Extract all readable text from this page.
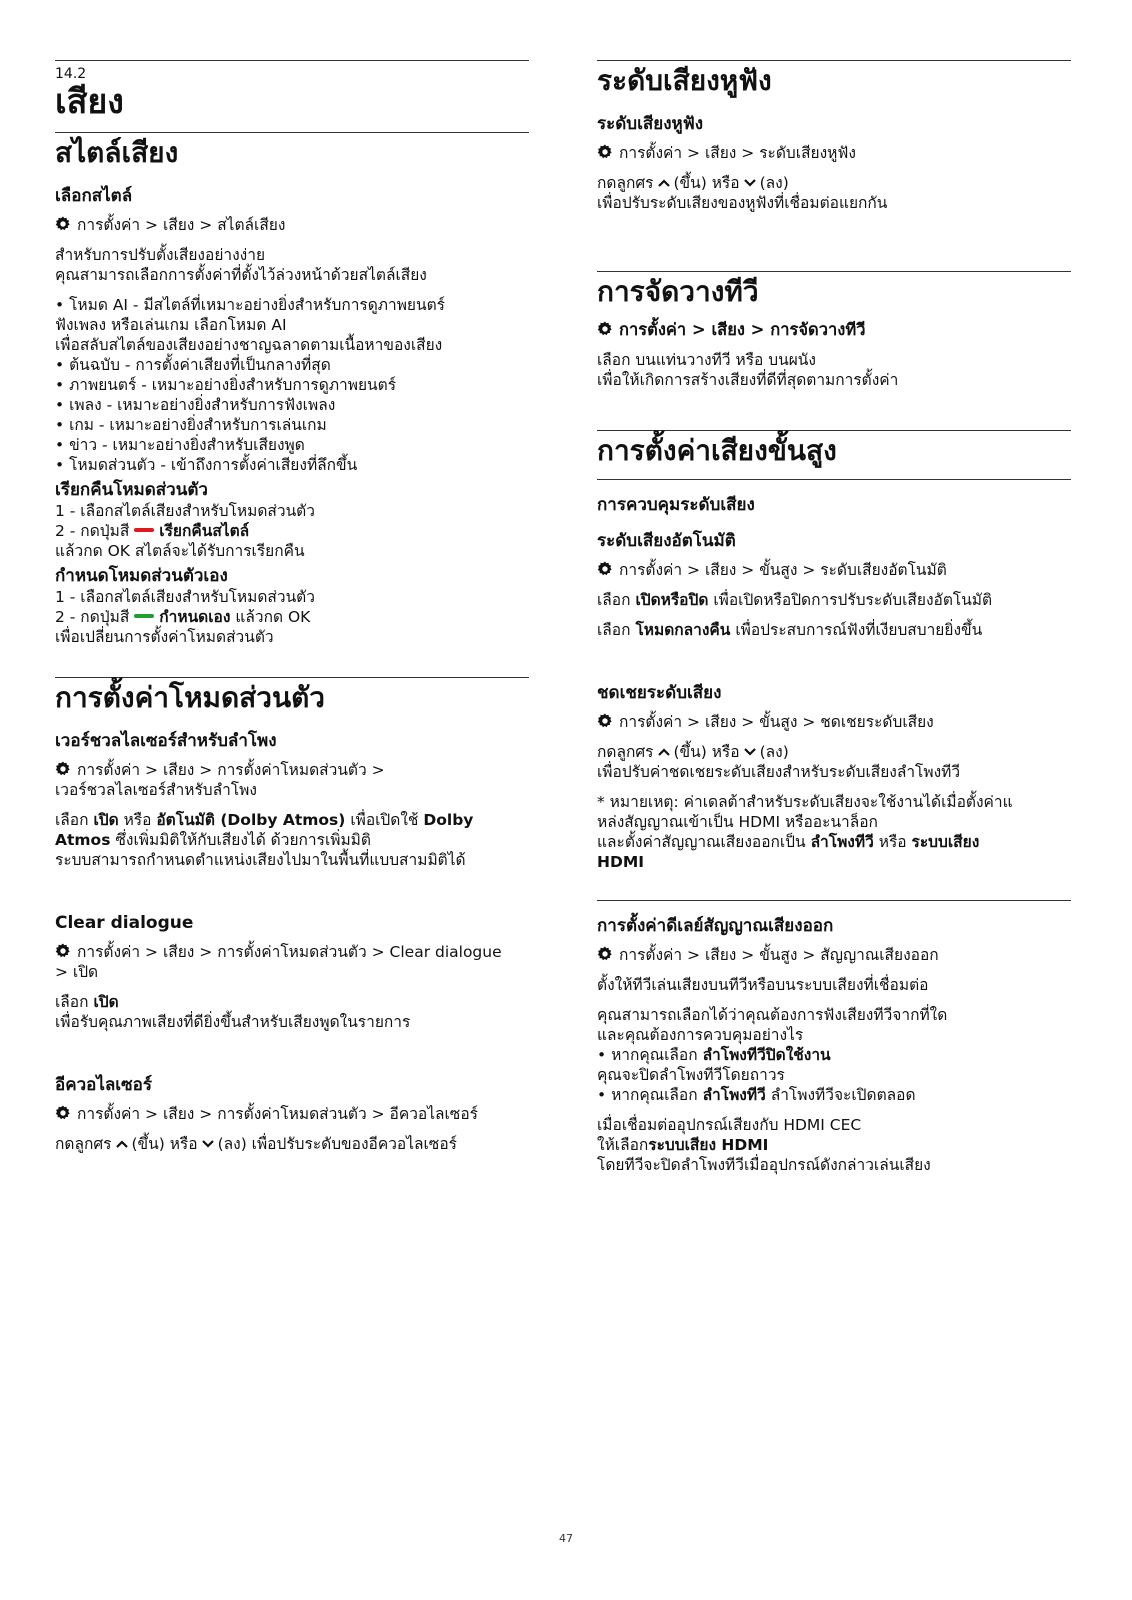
14.2
เสียง
สไตล์เสียง
เลือกสไตล์
การตั้งค่า > เสียง > สไตล์เสียง
สำหรับการปรับตั้งเสียงอย่างง่าย
คุณสามารถเลือกการตั้งค่าที่ตั้งไว้ล่วงหน้าด้วยสไตล์เสียง
• โหมด AI - มีสไตล์ที่เหมาะอย่างยิ่งสำหรับการดูภาพยนตร์
ฟังเพลง หรือเล่นเกม เลือกโหมด AI
เพื่อสลับสไตล์ของเสียงอย่างชาญฉลาดตามเนื้อหาของเสียง
• ต้นฉบับ - การตั้งค่าเสียงที่เป็นกลางที่สุด
• ภาพยนตร์ - เหมาะอย่างยิ่งสำหรับการดูภาพยนตร์
• เพลง - เหมาะอย่างยิ่งสำหรับการฟังเพลง
• เกม - เหมาะอย่างยิ่งสำหรับการเล่นเกม
• ข่าว - เหมาะอย่างยิ่งสำหรับเสียงพูด
• โหมดส่วนตัว - เข้าถึงการตั้งค่าเสียงที่ลึกขึ้น
เรียกคืนโหมดส่วนตัว
1 - เลือกสไตล์เสียงสำหรับโหมดส่วนตัว
2 - กดปุ่มสี เรียกคืนสไตล์
แล้วกด OK สไตล์จะได้รับการเรียกคืน
กำหนดโหมดส่วนตัวเอง
1 - เลือกสไตล์เสียงสำหรับโหมดส่วนตัว
2 - กดปุ่มสี กำหนดเอง แล้วกด OK
เพื่อเปลี่ยนการตั้งค่าโหมดส่วนตัว
การตั้งค่าโหมดส่วนตัว
เวอร์ชวลไลเซอร์สำหรับลำโพง
การตั้งค่า > เสียง > การตั้งค่าโหมดส่วนตัว >
เวอร์ชวลไลเซอร์สำหรับลำโพง
เลือก เปิด หรือ อัตโนมัติ (Dolby Atmos) เพื่อเปิดใช้ Dolby
Atmos ซึ่งเพิ่มมิติให้กับเสียงได้ ด้วยการเพิ่มมิติ
ระบบสามารถกำหนดตำแหน่งเสียงไปมาในพื้นที่แบบสามมิติได้
Clear dialogue
การตั้งค่า > เสียง > การตั้งค่าโหมดส่วนตัว > Clear dialogue
> เปิด
เลือก เปิด
เพื่อรับคุณภาพเสียงที่ดียิ่งขึ้นสำหรับเสียงพูดในรายการ
อีควอไลเซอร์
การตั้งค่า > เสียง > การตั้งค่าโหมดส่วนตัว > อีควอไลเซอร์
กดลูกศร (ขึ้น) หรือ (ลง) เพื่อปรับระดับของอีควอไลเซอร์
ระดับเสียงหูฟัง
ระดับเสียงหูฟัง
การตั้งค่า > เสียง > ระดับเสียงหูฟัง
กดลูกศร (ขึ้น) หรือ (ลง)
เพื่อปรับระดับเสียงของหูฟังที่เชื่อมต่อแยกกัน
การจัดวางทีวี
การตั้งค่า > เสียง > การจัดวางทีวี
เลือก บนแท่นวางทีวี หรือ บนผนัง
เพื่อให้เกิดการสร้างเสียงที่ดีที่สุดตามการตั้งค่า
การตั้งค่าเสียงขั้นสูง
การควบคุมระดับเสียง
ระดับเสียงอัตโนมัติ
การตั้งค่า > เสียง > ขั้นสูง > ระดับเสียงอัตโนมัติ
เลือก เปิดหรือปิด เพื่อเปิดหรือปิดการปรับระดับเสียงอัตโนมัติ
เลือก โหมดกลางคืน เพื่อประสบการณ์ฟังที่เงียบสบายยิ่งขึ้น
ชดเชยระดับเสียง
การตั้งค่า > เสียง > ขั้นสูง > ชดเชยระดับเสียง
กดลูกศร (ขึ้น) หรือ (ลง)
เพื่อปรับค่าชดเชยระดับเสียงสำหรับระดับเสียงลำโพงทีวี
* หมายเหตุ: ค่าเดลต้าสำหรับระดับเสียงจะใช้งานได้เมื่อตั้งค่าแ
หล่งสัญญาณเข้าเป็น HDMI หรืออะนาล็อก
และตั้งค่าสัญญาณเสียงออกเป็น ลำโพงทีวี หรือ ระบบเสียง
HDMI
การตั้งค่าดีเลย์สัญญาณเสียงออก
การตั้งค่า > เสียง > ขั้นสูง > สัญญาณเสียงออก
ตั้งให้ทีวีเล่นเสียงบนทีวีหรือบนระบบเสียงที่เชื่อมต่อ
คุณสามารถเลือกได้ว่าคุณต้องการฟังเสียงทีวีจากที่ใด
และคุณต้องการควบคุมอย่างไร
• หากคุณเลือก ลำโพงทีวีปิดใช้งาน
คุณจะปิดลำโพงทีวีโดยถาวร
• หากคุณเลือก ลำโพงทีวี ลำโพงทีวีจะเปิดตลอด
เมื่อเชื่อมต่ออุปกรณ์เสียงกับ HDMI CEC
ให้เลือกระบบเสียง HDMI
โดยทีวีจะปิดลำโพงทีวีเมื่ออุปกรณ์ดังกล่าวเล่นเสียง
47
